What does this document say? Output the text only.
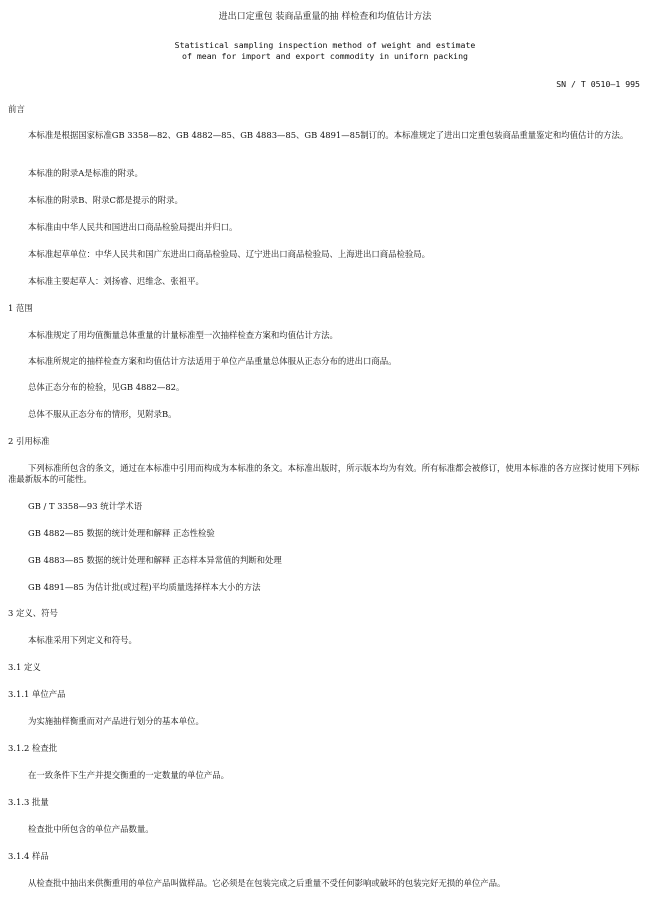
进出口定重包 装商品重量的抽 样检查和均值估计方法
Statistical sampling inspection method of weight and estimate
of mean for import and export commodity in uniforn packing
SN / T 0510—1 995
前言
本标准是根据国家标准GB 3358—82、GB 4882—85、GB 4883—85、GB 4891—85制订的。本标准规定了进出口定重包装商品重量鉴定和均值估计的方法。
本标准的附录A是标准的附录。
本标准的附录B、附录C都是提示的附录。
本标准由中华人民共和国进出口商品检验局提出并归口。
本标准起草单位：中华人民共和国广东进出口商品检验局、辽宁进出口商品检验局、上海进出口商品检验局。
本标准主要起草人：刘扬睿、迟维念、张祖平。
1 范围
本标准规定了用均值衡量总体重量的计量标准型一次抽样检查方案和均值估计方法。
本标准所规定的抽样检查方案和均值估计方法适用于单位产品重量总体服从正态分布的进出口商品。
总体正态分布的检验，见GB 4882—82。
总体不服从正态分布的情形，见附录B。
2 引用标准
下列标准所包含的条文，通过在本标准中引用而构成为本标准的条文。本标准出版时，所示版本均为有效。所有标准都会被修订，使用本标准的各方应探讨使用下列标准最新版本的可能性。
GB / T 3358—93 统计学术语
GB 4882—85 数据的统计处理和解释 正态性检验
GB 4883—85 数据的统计处理和解释 正态样本异常值的判断和处理
GB 4891—85 为估计批(或过程)平均质量选择样本大小的方法
3 定义、符号
本标准采用下列定义和符号。
3.1 定义
3.1.1 单位产品
为实施抽样衡重而对产品进行划分的基本单位。
3.1.2 检查批
在一致条件下生产并提交衡重的一定数量的单位产品。
3.1.3 批量
检查批中所包含的单位产品数量。
3.1.4 样品
从检查批中抽出来供衡重用的单位产品叫做样品。它必须是在包装完成之后重量不受任何影响或破坏的包装完好无损的单位产品。
